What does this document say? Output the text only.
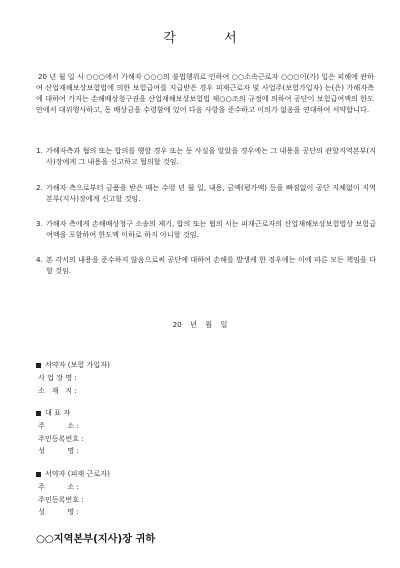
각 서

20 년 월 일 시 ○○○에서 가해자 ○○○의 불법행위로 인하여 ○○소속근로자 ○○○이(가) 입은 피해에 관하여 산업재해보상보험법에 의한 보험급여를 지급받은 경우 피재근로자 및 사업주(보험가입자) 는(은) 가해자측에 대하여 가지는 손해배상청구권을 산업재해보상보험법 제○○조의 규정에 의하여 공단이 보험급여액의 한도 안에서 대위행사하고, 동 배상금을 수령함에 있어 다음 사항을 준수하고 이의가 없음을 연대하여 서약합니다.

1. 가해자측과 협의 또는 합의를 행할 경우 또는 동 사실을 알았을 경우에는 그 내용을 공단의 관할지역본부(지사)장에게 그 내용을 신고하고 협의할 것임.
2. 가해자 측으로부터 금품을 받은 때는 수령 년 월 일, 내용, 금액(평가액) 등을 빠짐없이 공단 지체없이 지역본부(지사)장에게 신고할 것임.
3. 가해자 측에게 손해배상청구 소송의 제기, 합의 또는 협의 시는 피재근로자의 산업재해보상보험법상 보험급여액을 포함하여 한도액 이하로 하지 아니할 것임.
4. 본 각서의 내용을 준수하지 않음으로써 공단에 대하여 손해를 발생케 한 경우에는 이에 따른 모든 책임을 다할 것임.
20 년 월 일
서약자 (보험 가입자)
사 업 장 명 :
소   재   지 :
대 표 자
주          소 :
주민등록번호 :
성          명 :
서약자 (피재 근로자)
주          소 :
주민등록번호 :
성          명 :
○○지역본부(지사)장 귀하
